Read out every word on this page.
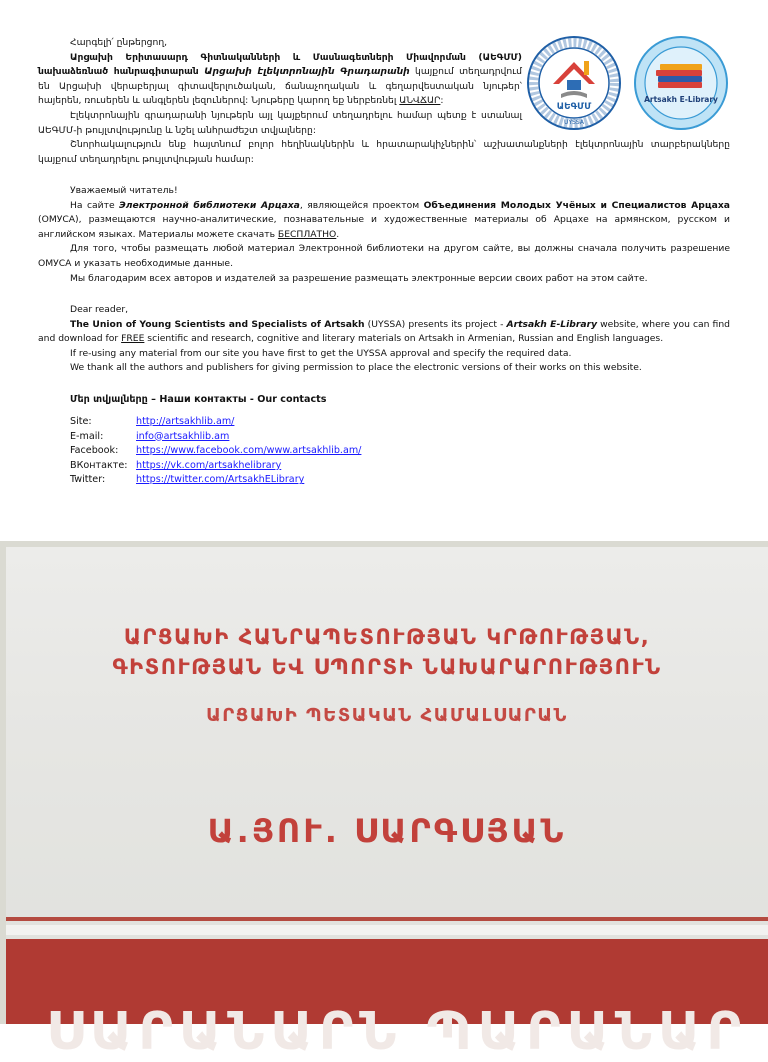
Հարգելի՛ ընթերցող,

Արցախի Երիտասարդ Գիտնականների և Մասնագետների Միավորման (ԱԵԳՄՄ) նախաձեռնած հանրագիտարան Արցախի էլեկտրոնային Գրադարանի կայքում տեղադրվում են Արցախի վերաբերյալ գիտավերլուծական, ճանաչողական և գեղարվեստական նյութեր՝ հայերեն, ռուսերեն և անգլերեն լեզուներով: Նյութերը կարող եք ներբեռնել ԱՆՎՃԱՐ:

Էլեկտրոնային գրադարանի նյութերն այլ կայքերում տեղադրելու համար պետք է ստանալ ԱԵԳՄՄ-ի թույլտվությունը և նշել անհրաժեշտ տվյալները:

Շնորհակալություն ենք հայտնում բոլոր հեղինակներին և հրատարակիչներին՝ աշխատանքների էլեկտրոնային տարբերակները կայքում տեղադրելու թույլտվության համար:

Уважаемый читатель!

На сайте Электронной библиотеки Арцаха, являющейся проектом Объединения Молодых Учёных и Специалистов Арцаха (ОМУСА), размещаются научно-аналитические, познавательные и художественные материалы об Арцахе на армянском, русском и английском языках. Материалы можете скачать БЕСПЛАТНО.

Для того, чтобы размещать любой материал Электронной библиотеки на другом сайте, вы должны сначала получить разрешение ОМУСА и указать необходимые данные.

Мы благодарим всех авторов и издателей за разрешение размещать электронные версии своих работ на этом сайте.

Dear reader,

The Union of Young Scientists and Specialists of Artsakh (UYSSA) presents its project - Artsakh E-Library website, where you can find and download for FREE scientific and research, cognitive and literary materials on Artsakh in Armenian, Russian and English languages.

If re-using any material from our site you have first to get the UYSSA approval and specify the required data.

We thank all the authors and publishers for giving permission to place the electronic versions of their works on this website.

Մեր տվյալները – Наши контакты - Our contacts
Site:	http://artsakhlib.am/
E-mail:	info@artsakhlib.am
Facebook:	https://www.facebook.com/www.artsakhlib.am/
ВКонтакте: https://vk.com/artsakhelibrary
Twitter:	https://twitter.com/ArtsakhELibrary
ԱԵԳՄՄ
UYSSA
Artsakh E-Library
ԱՐՑԱԽԻ ՀԱՆՐԱՊԵՏՈՒԹՅԱՆ ԿՐԹՈՒԹՅԱՆ,
ԳԻՏՈՒԹՅԱՆ ԵՎ ՍՊՈՐՏԻ ՆԱԽԱՐԱՐՈՒԹՅՈՒՆ
ԱՐՑԱԽԻ ՊԵՏԱԿԱՆ ՀԱՄԱԼՍԱՐԱՆ
Ա.ՅՈՒ. ՍԱՐԳՍՅԱՆ
ՍԱՐԱՆԱՐՆ ՊԱՐԱՆԱՐ
